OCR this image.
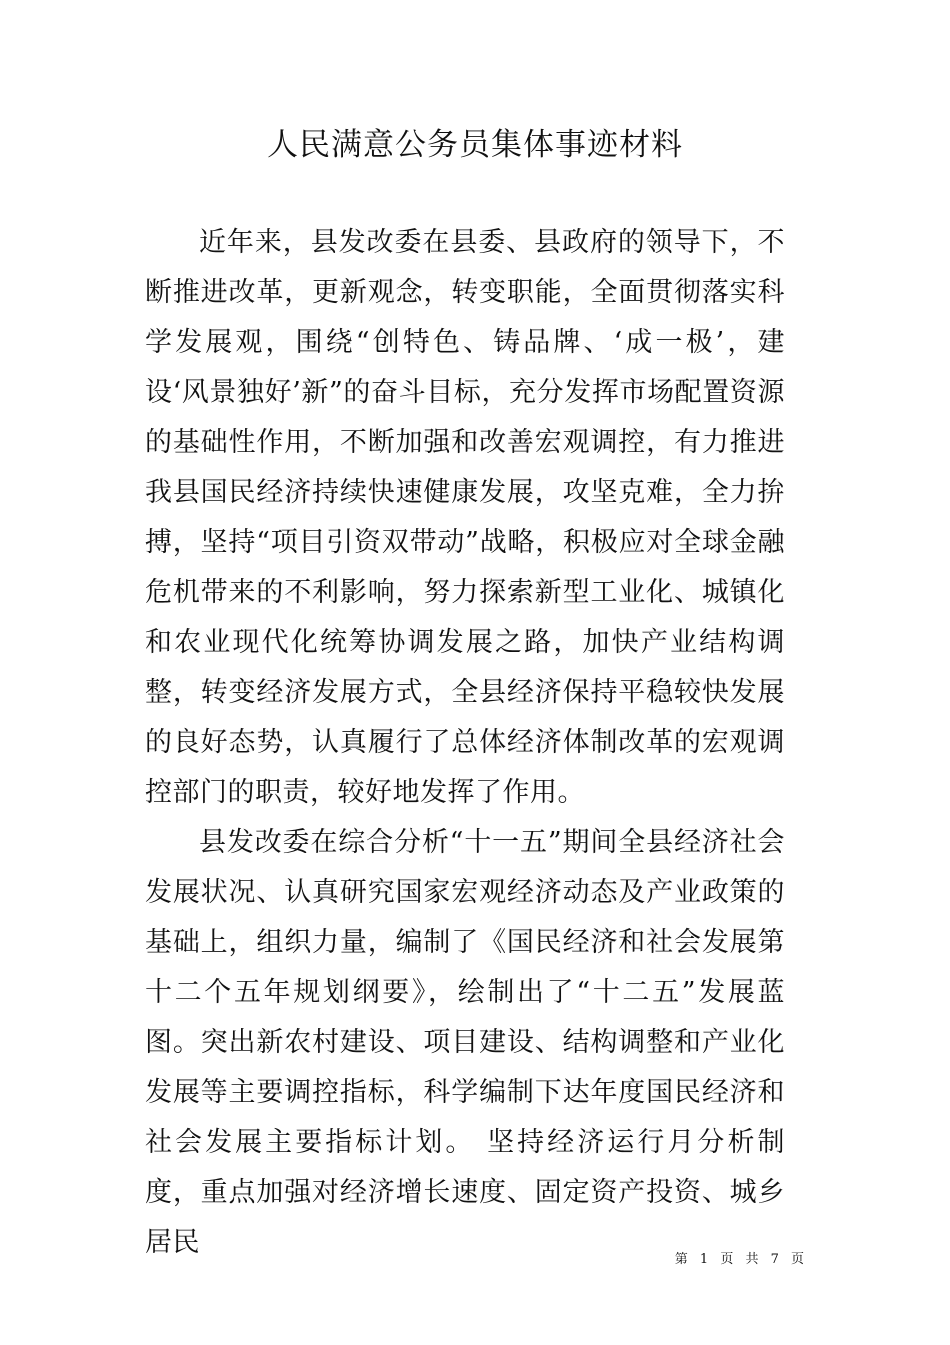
人民满意公务员集体事迹材料

近年来，县发改委在县委、县政府的领导下，不断推进改革，更新观念，转变职能，全面贯彻落实科学发展观，围绕“创特色、铸品牌、‘成一极’，建设‘风景独好’新”的奋斗目标，充分发挥市场配置资源的基础性作用，不断加强和改善宏观调控，有力推进我县国民经济持续快速健康发展，攻坚克难，全力拚搏，坚持“项目引资双带动”战略，积极应对全球金融危机带来的不利影响，努力探索新型工业化、城镇化和农业现代化统筹协调发展之路，加快产业结构调整，转变经济发展方式，全县经济保持平稳较快发展的良好态势，认真履行了总体经济体制改革的宏观调控部门的职责，较好地发挥了作用。

县发改委在综合分析“十一五”期间全县经济社会发展状况、认真研究国家宏观经济动态及产业政策的基础上，组织力量，编制了《国民经济和社会发展第十二个五年规划纲要》，绘制出了“十二五”发展蓝图。突出新农村建设、项目建设、结构调整和产业化发展等主要调控指标，科学编制下达年度国民经济和社会发展主要指标计划。 坚持经济运行月分析制度，重点加强对经济增长速度、固定资产投资、城乡居民

第 1 页 共 7 页
